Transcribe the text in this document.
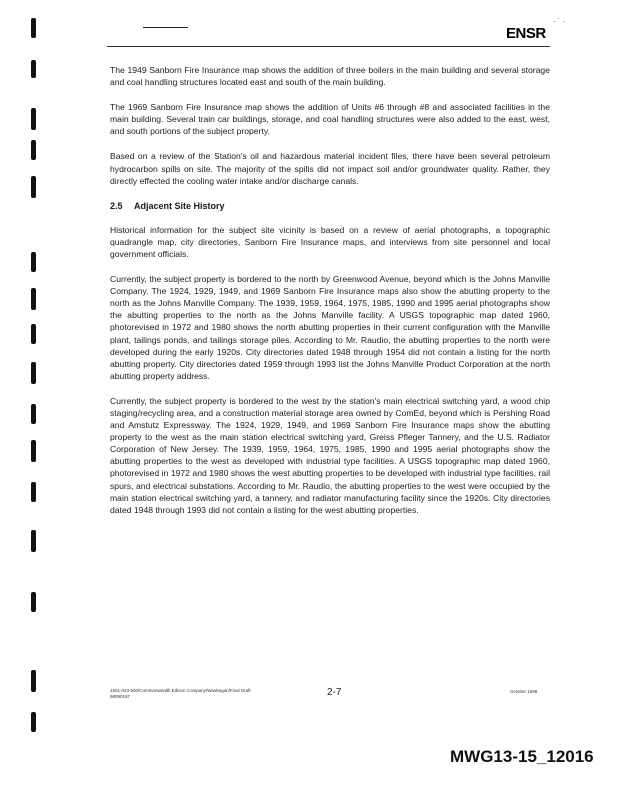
· ˙ ·
ENSR

The 1949 Sanborn Fire Insurance map shows the addition of three boilers in the main building and several storage and coal handling structures located east and south of the main building.

The 1969 Sanborn Fire Insurance map shows the addition of Units #6 through #8 and associated facilities in the main building. Several train car buildings, storage, and coal handling structures were also added to the east, west, and south portions of the subject property.

Based on a review of the Station's oil and hazardous material incident files, there have been several petroleum hydrocarbon spills on site. The majority of the spills did not impact soil and/or groundwater quality. Rather, they directly effected the cooling water intake and/or discharge canals.

2.5 Adjacent Site History

Historical information for the subject site vicinity is based on a review of aerial photographs, a topographic quadrangle map, city directories, Sanborn Fire Insurance maps, and interviews from site personnel and local government officials.

Currently, the subject property is bordered to the north by Greenwood Avenue, beyond which is the Johns Manville Company. The 1924, 1929, 1949, and 1969 Sanborn Fire Insurance maps also show the abutting property to the north as the Johns Manville Company. The 1939, 1959, 1964, 1975, 1985, 1990 and 1995 aerial photographs show the abutting properties to the north as the Johns Manville facility. A USGS topographic map dated 1960, photorevised in 1972 and 1980 shows the north abutting properties in their current configuration with the Manville plant, tailings ponds, and tailings storage piles. According to Mr. Raudio, the abutting properties to the north were developed during the early 1920s. City directories dated 1948 through 1954 did not contain a listing for the north abutting property. City directories dated 1959 through 1993 list the Johns Manville Product Corporation at the north abutting property address.

Currently, the subject property is bordered to the west by the station's main electrical switching yard, a wood chip staging/recycling area, and a construction material storage area owned by ComEd, beyond which is Pershing Road and Amstutz Expressway. The 1924, 1929, 1949, and 1969 Sanborn Fire Insurance maps show the abutting property to the west as the main station electrical switching yard, Greiss Pfleger Tannery, and the U.S. Radiator Corporation of New Jersey. The 1939, 1959, 1964, 1975, 1985, 1990 and 1995 aerial photographs show the abutting properties to the west as developed with industrial type facilities. A USGS topographic map dated 1960, photorevised in 1972 and 1980 shows the west abutting properties to be developed with industrial type facilities, rail spurs, and electrical substations. According to Mr. Raudio, the abutting properties to the west were occupied by the main station electrical switching yard, a tannery, and radiator manufacturing facility since the 1920s. City directories dated 1948 through 1993 did not contain a listing for the west abutting properties.

1601-023-500/Commonwealth Edison Company/Waukegan/Final Draft
98090197	2-7	October 1998
MWG13-15_12016
